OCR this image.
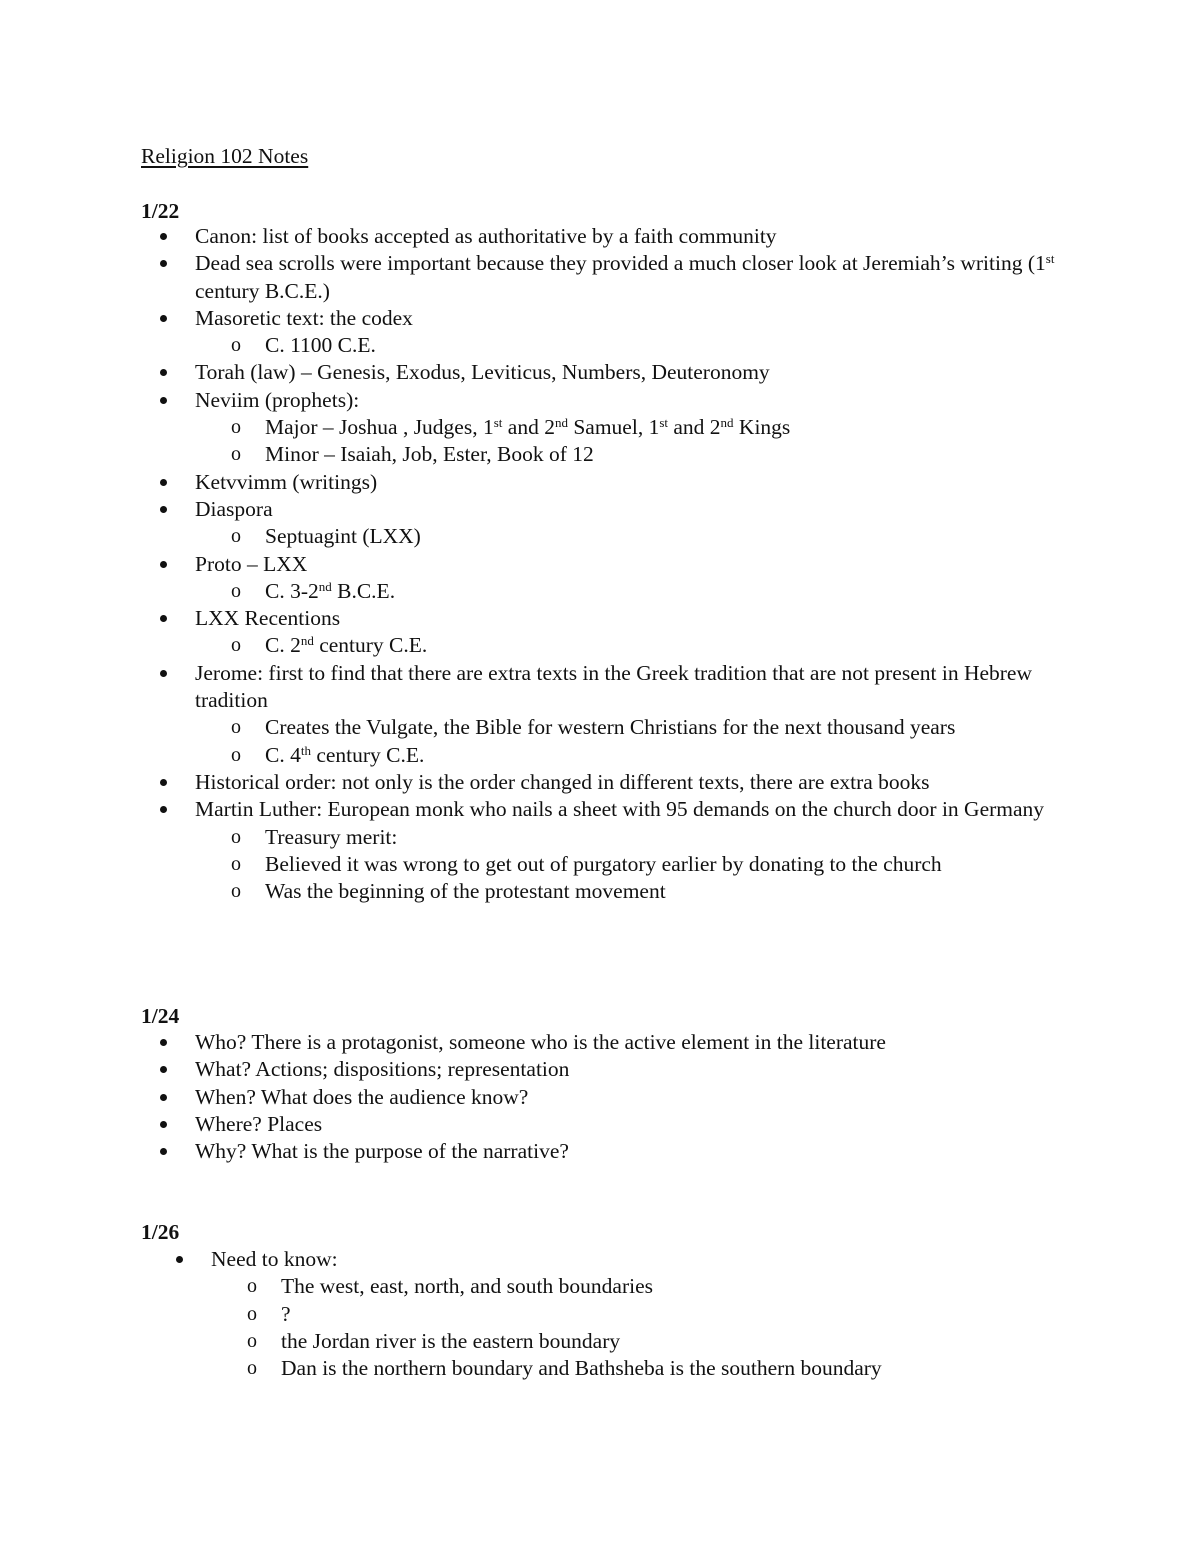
Religion 102 Notes
1/22
Canon: list of books accepted as authoritative by a faith community
Dead sea scrolls were important because they provided a much closer look at Jeremiah’s writing (1st century B.C.E.)
Masoretic text: the codex
o C. 1100 C.E.
Torah (law) – Genesis, Exodus, Leviticus, Numbers, Deuteronomy
Neviim (prophets):
o Major – Joshua , Judges, 1st and 2nd Samuel, 1st and 2nd Kings
o Minor – Isaiah, Job, Ester, Book of 12
Ketvvimm (writings)
Diaspora
o Septuagint (LXX)
Proto – LXX
o C. 3-2nd B.C.E.
LXX Recentions
o C. 2nd century C.E.
Jerome: first to find that there are extra texts in the Greek tradition that are not present in Hebrew tradition
o Creates the Vulgate, the Bible for western Christians for the next thousand years
o C. 4th century C.E.
Historical order: not only is the order changed in different texts, there are extra books
Martin Luther: European monk who nails a sheet with 95 demands on the church door in Germany
o Treasury merit:
o Believed it was wrong to get out of purgatory earlier by donating to the church
o Was the beginning of the protestant movement
1/24
Who? There is a protagonist, someone who is the active element in the literature
What? Actions; dispositions; representation
When? What does the audience know?
Where? Places
Why? What is the purpose of the narrative?
1/26
Need to know:
o The west, east, north, and south boundaries
o ?
o the Jordan river is the eastern boundary
o Dan is the northern boundary and Bathsheba is the southern boundary
